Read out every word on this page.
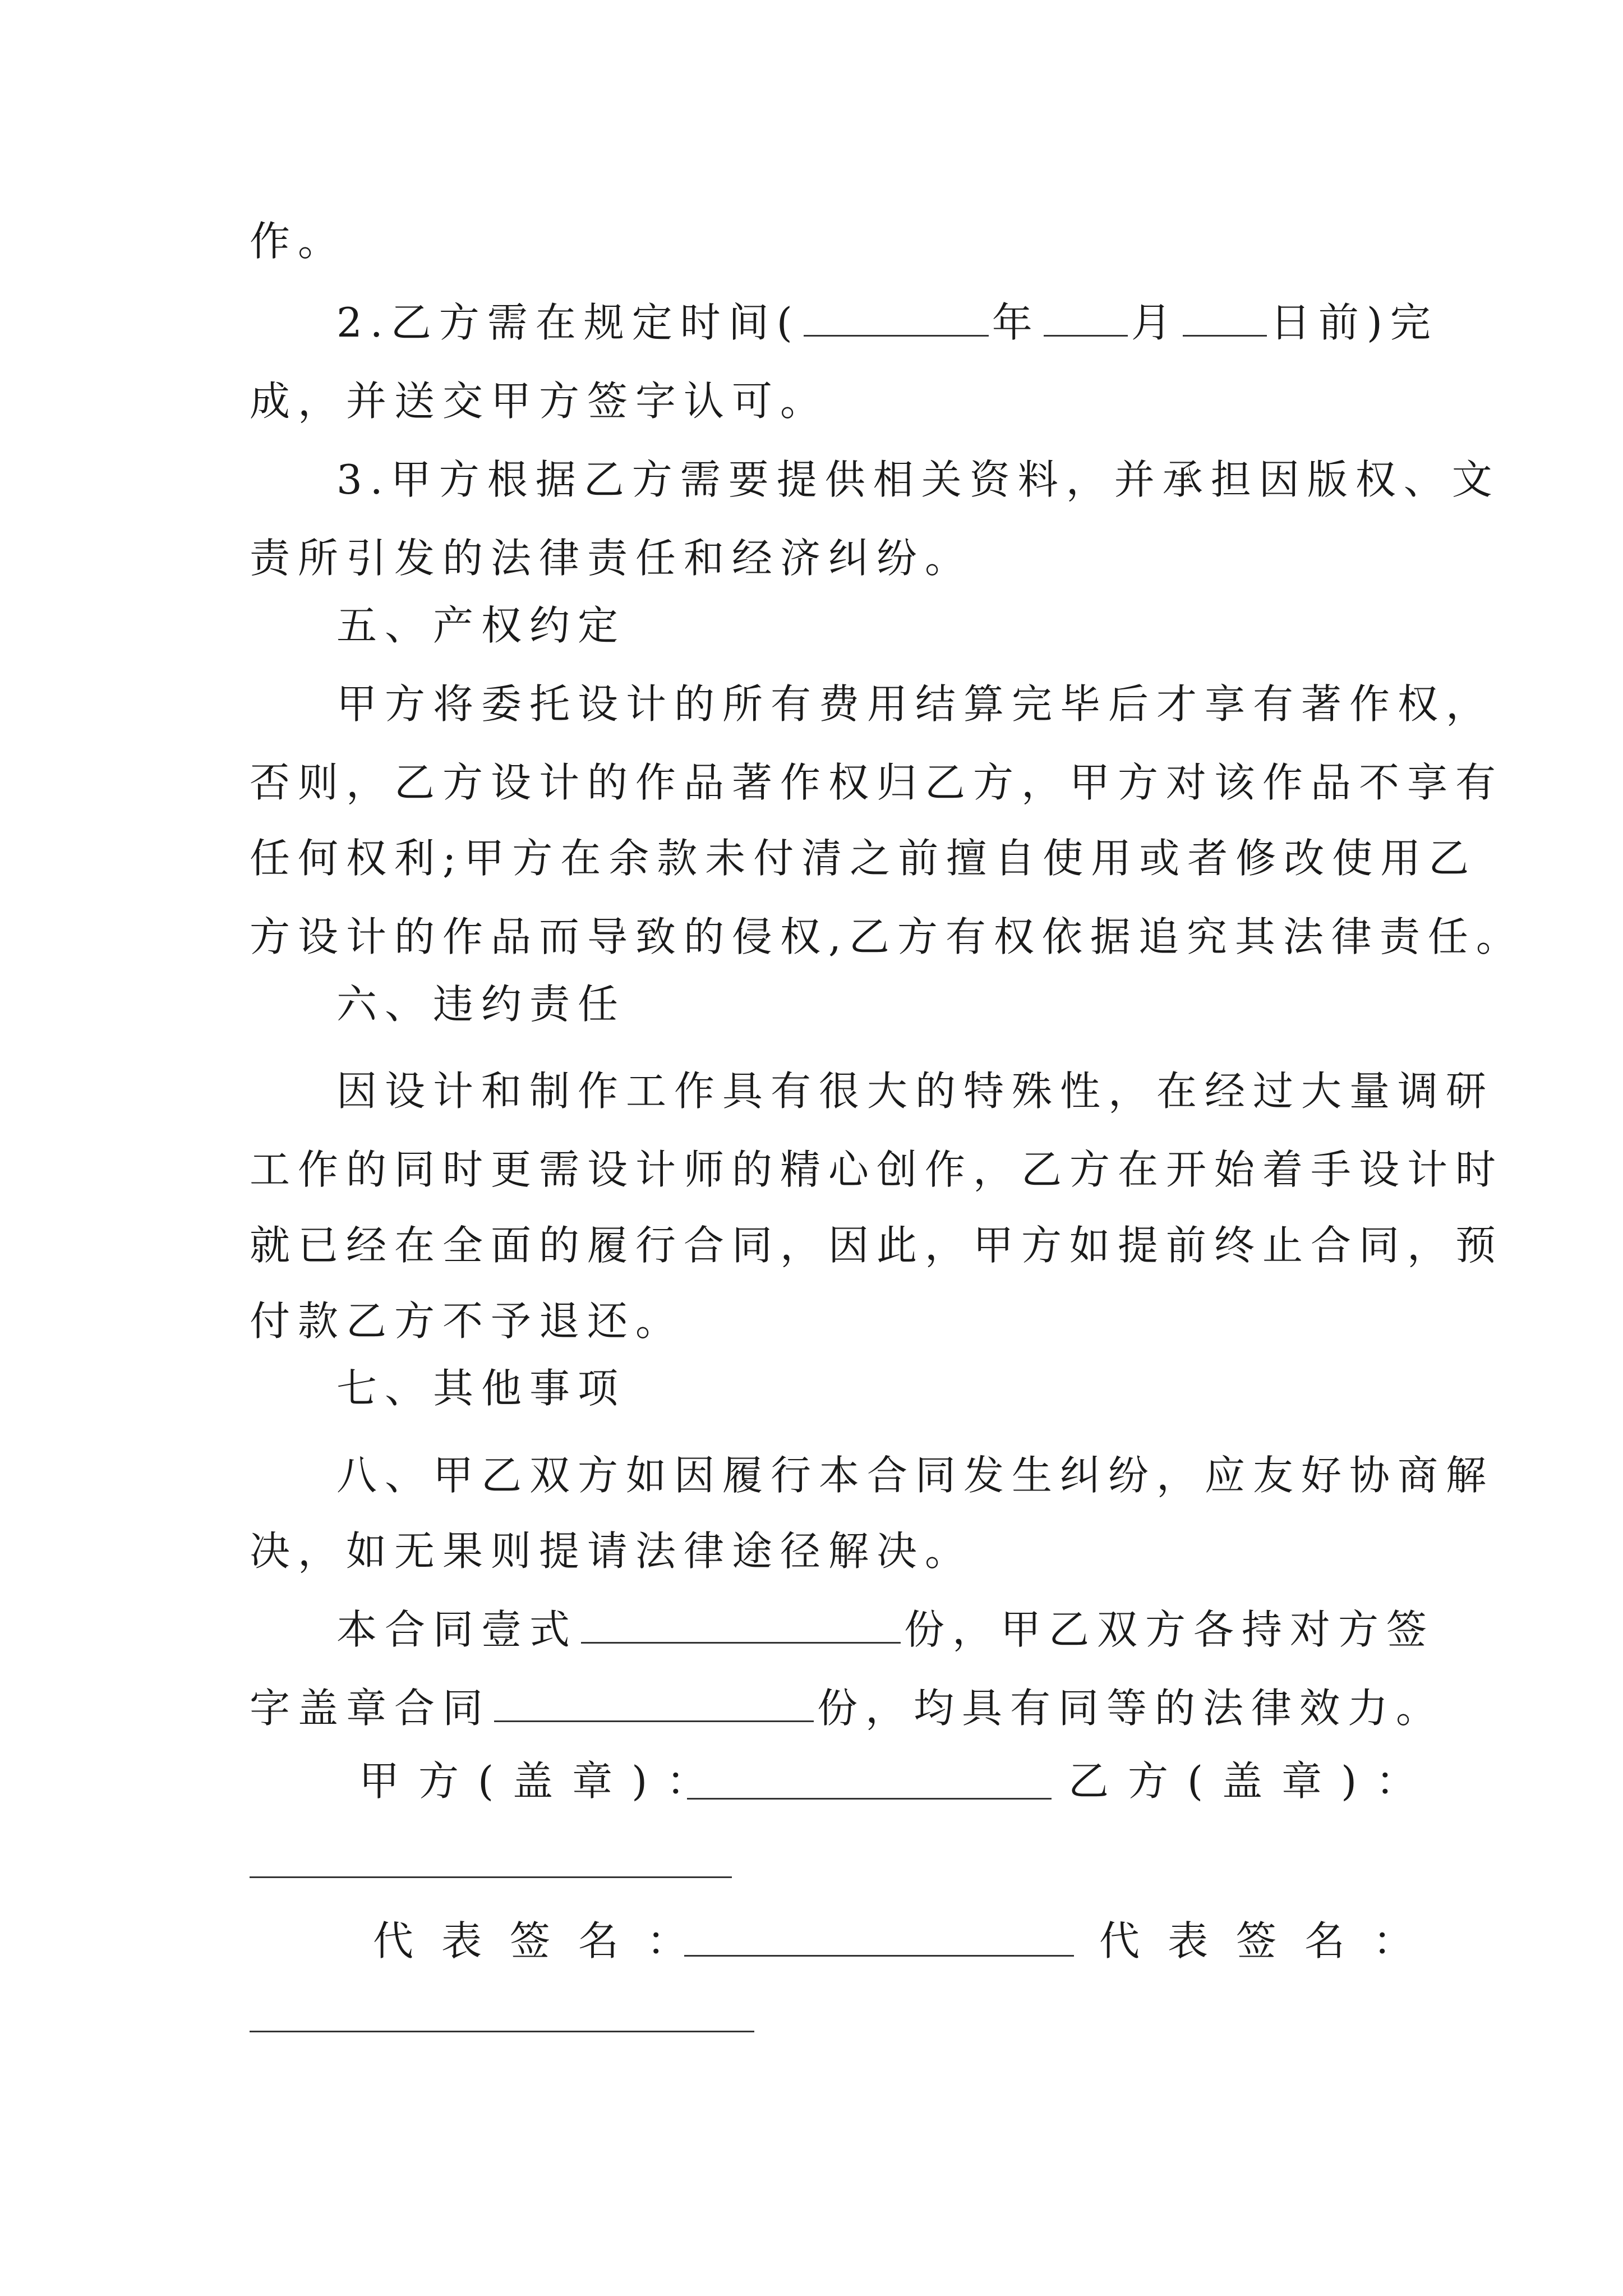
作。
2.乙方需在规定时间(	年 月 日前)完
成，并送交甲方签字认可。
3.甲方根据乙方需要提供相关资料，并承担因版权、文
责所引发的法律责任和经济纠纷。
五、产权约定
甲方将委托设计的所有费用结算完毕后才享有著作权，
否则，乙方设计的作品著作权归乙方，甲方对该作品不享有
任何权利;甲方在余款未付清之前擅自使用或者修改使用乙
方设计的作品而导致的侵权,乙方有权依据追究其法律责任。
六、违约责任
因设计和制作工作具有很大的特殊性，在经过大量调研
工作的同时更需设计师的精心创作，乙方在开始着手设计时
就已经在全面的履行合同，因此，甲方如提前终止合同，预
付款乙方不予退还。
七、其他事项
八、甲乙双方如因履行本合同发生纠纷，应友好协商解
决，如无果则提请法律途径解决。
本合同壹式	份，甲乙双方各持对方签
字盖章合同	份，均具有同等的法律效力。
甲方(盖章)：	乙方(盖章)：
代表签名：	代表签名：
